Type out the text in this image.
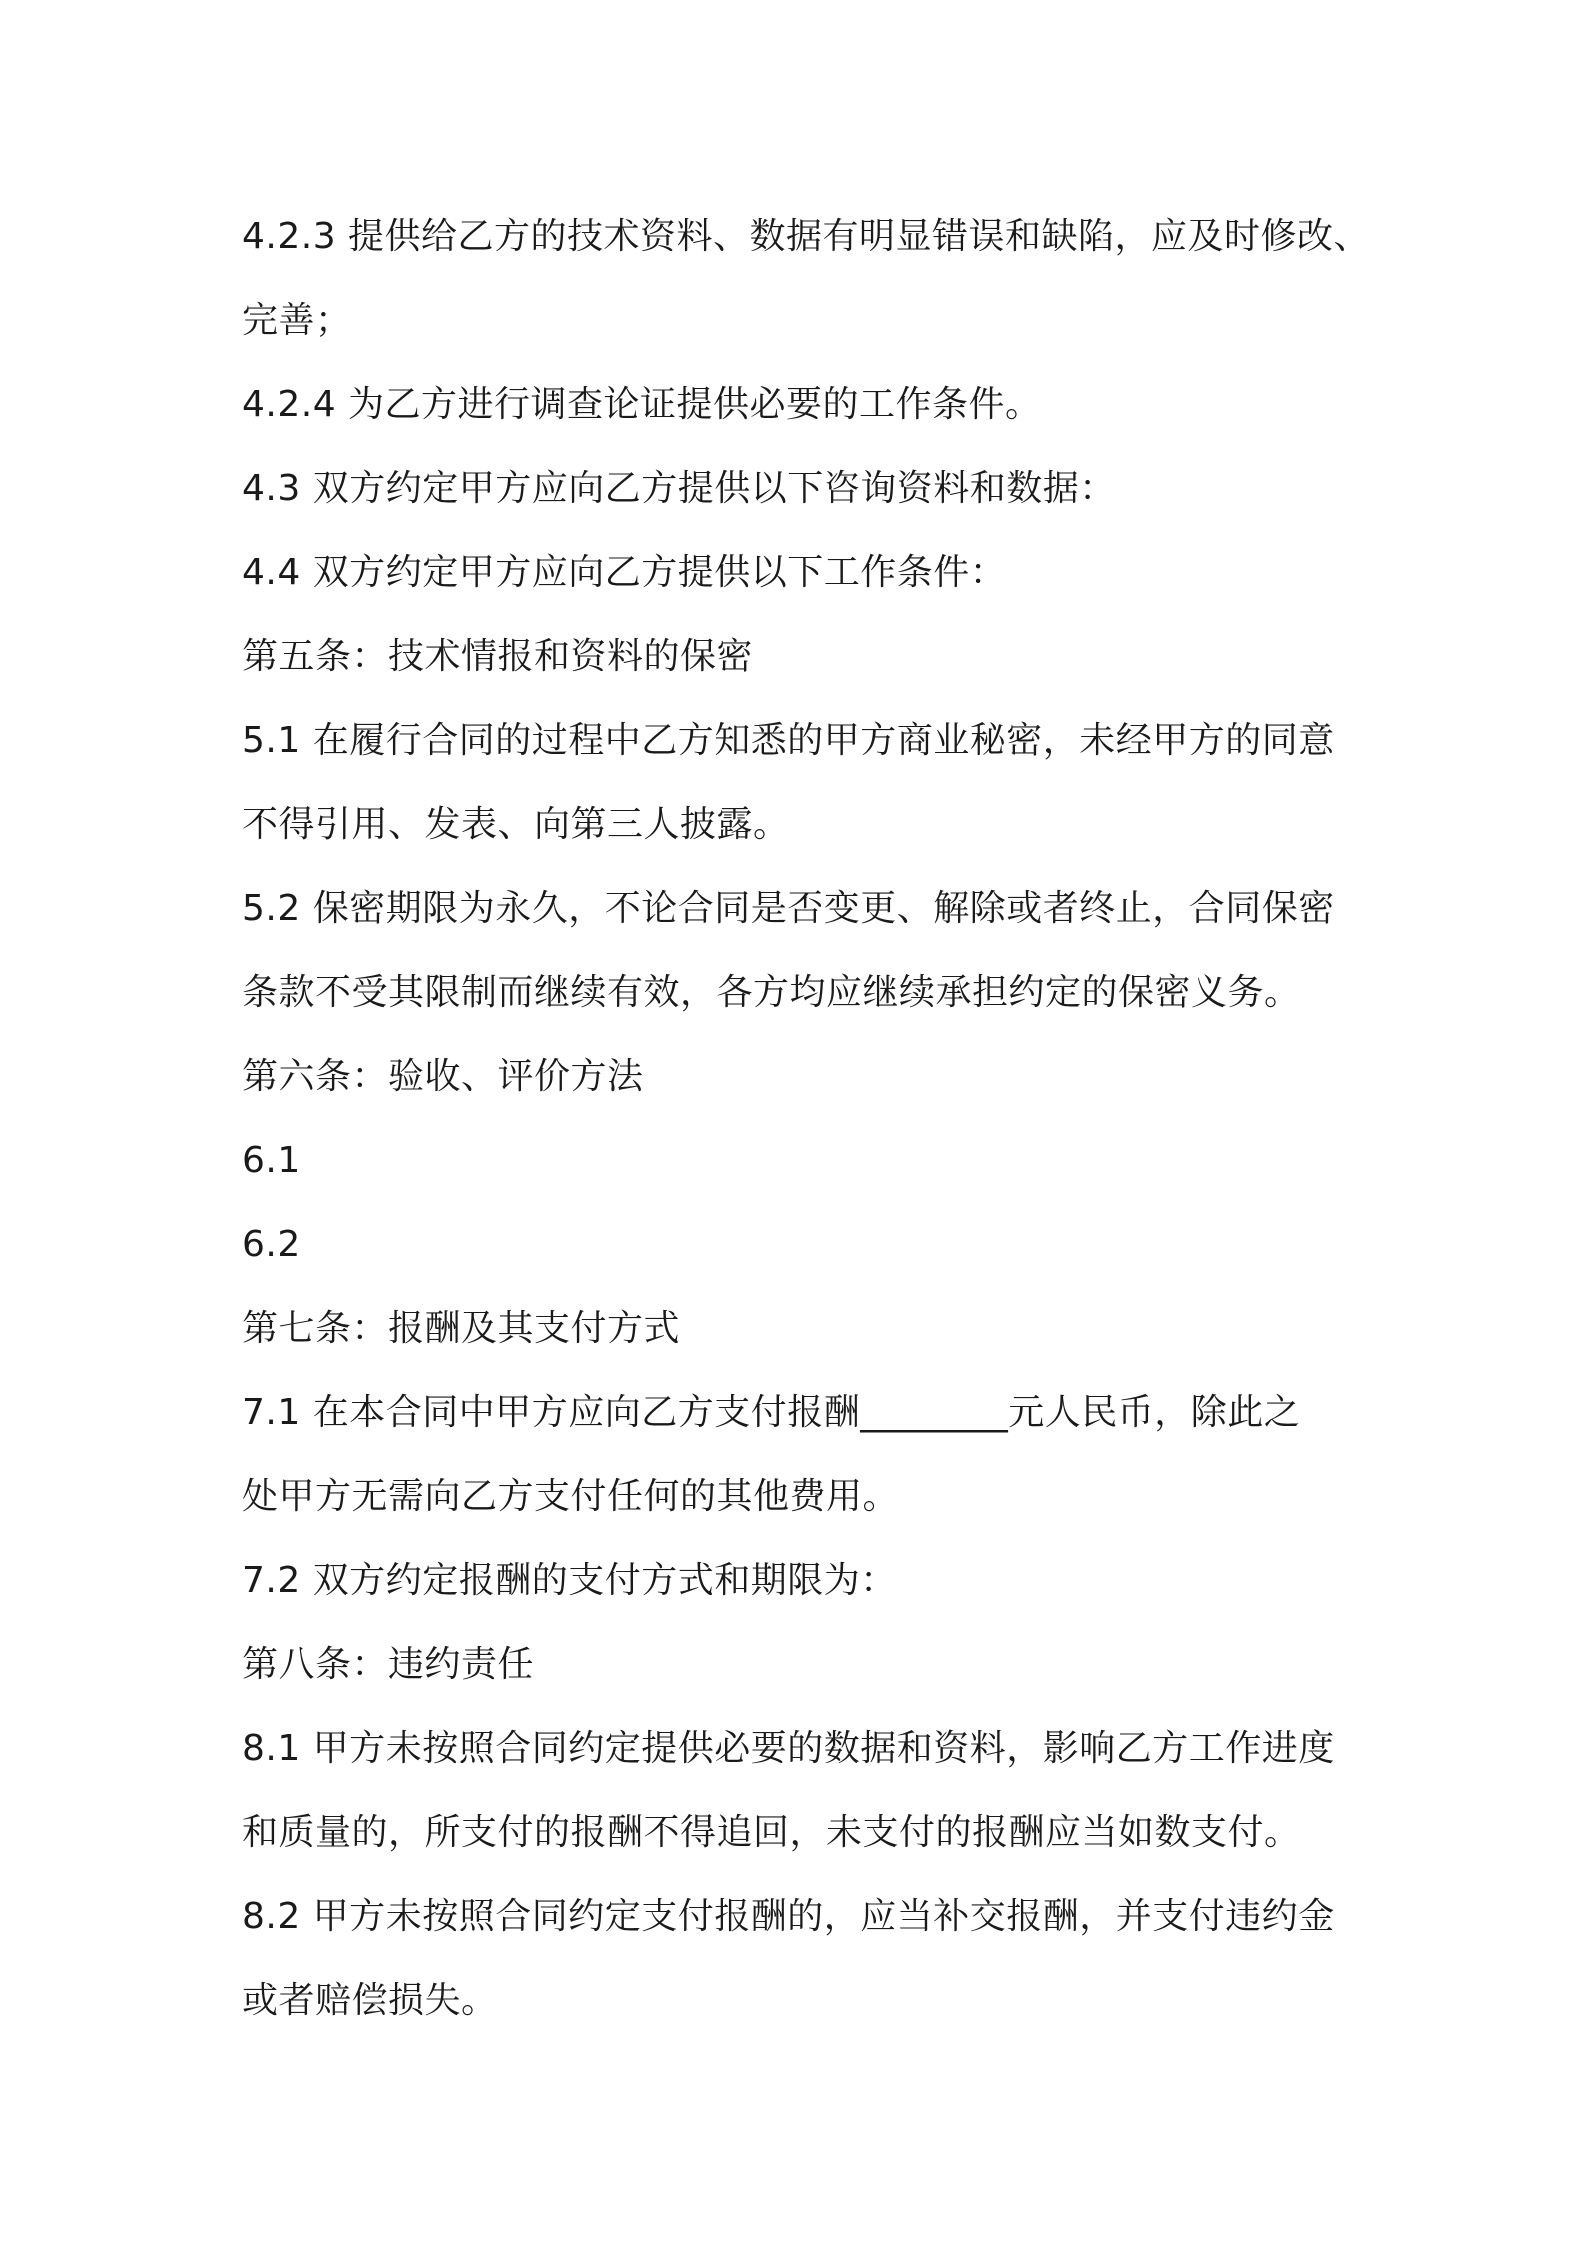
4.2.3 提供给乙方的技术资料、数据有明显错误和缺陷，应及时修改、

完善；

4.2.4 为乙方进行调查论证提供必要的工作条件。

4.3 双方约定甲方应向乙方提供以下咨询资料和数据：

4.4 双方约定甲方应向乙方提供以下工作条件：

第五条：技术情报和资料的保密

5.1 在履行合同的过程中乙方知悉的甲方商业秘密，未经甲方的同意

不得引用、发表、向第三人披露。

5.2 保密期限为永久，不论合同是否变更、解除或者终止，合同保密

条款不受其限制而继续有效，各方均应继续承担约定的保密义务。

第六条：验收、评价方法

6.1

6.2

第七条：报酬及其支付方式

7.1 在本合同中甲方应向乙方支付报酬________元人民币，除此之

处甲方无需向乙方支付任何的其他费用。

7.2 双方约定报酬的支付方式和期限为：

第八条：违约责任

8.1 甲方未按照合同约定提供必要的数据和资料，影响乙方工作进度

和质量的，所支付的报酬不得追回，未支付的报酬应当如数支付。

8.2 甲方未按照合同约定支付报酬的，应当补交报酬，并支付违约金

或者赔偿损失。
